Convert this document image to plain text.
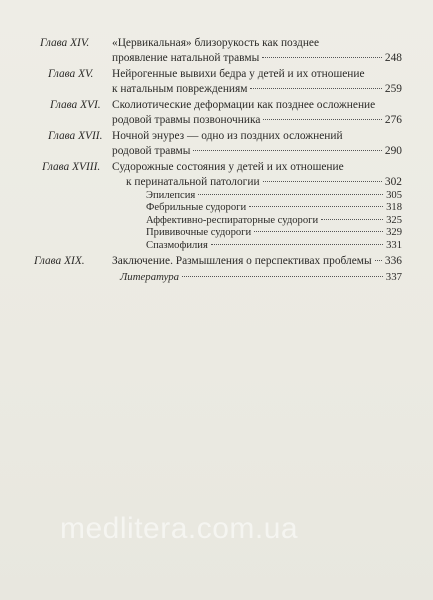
Глава XIV. «Цервикальная» близорукость как позднее
проявление натальной травмы	248
Глава XV. Нейрогенные вывихи бедра у детей и их отношение
к натальным повреждениям	259
Глава XVI. Сколиотические деформации как позднее осложнение
родовой травмы позвоночника	276
Глава XVII. Ночной энурез — одно из поздних осложнений
родовой травмы	290
Глава XVIII. Судорожные состояния у детей и их отношение
к перинатальной патологии	302
Эпилепсия	305
Фебрильные судороги	318
Аффективно-респираторные судороги	325
Прививочные судороги	329
Спазмофилия	331
Глава XIX. Заключение. Размышления о перспективах проблемы 336
Литература	337
medlitera.com.ua
